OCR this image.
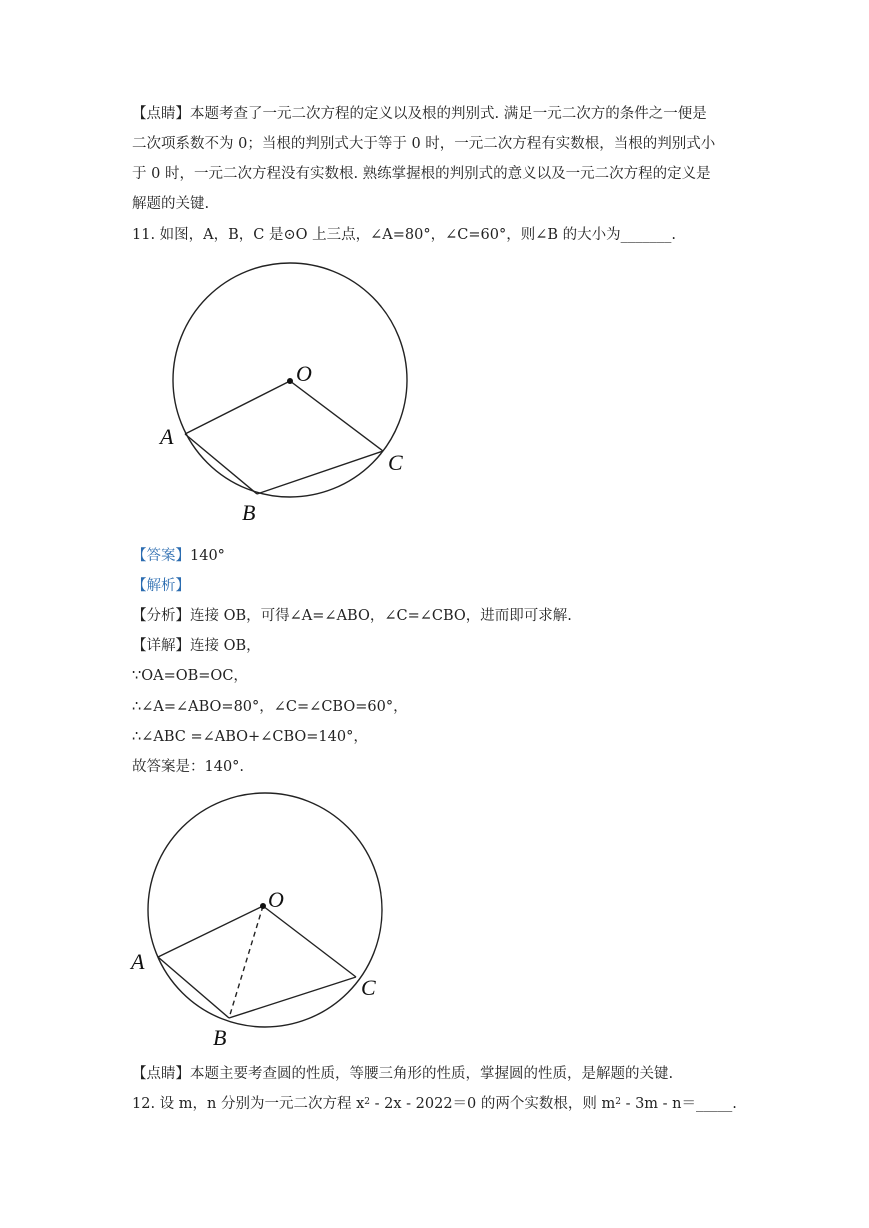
【点睛】本题考查了一元二次方程的定义以及根的判别式. 满足一元二次方的条件之一便是
二次项系数不为 0；当根的判别式大于等于 0 时，一元二次方程有实数根，当根的判别式小
于 0 时，一元二次方程没有实数根. 熟练掌握根的判别式的意义以及一元二次方程的定义是
解题的关键.
11. 如图，A，B，C 是⊙O 上三点，∠A=80°，∠C=60°，则∠B 的大小为_______.
O
A
B
C
【答案】140°
【解析】
【分析】连接 OB，可得∠A=∠ABO，∠C=∠CBO，进而即可求解.
【详解】连接 OB，
∵OA=OB=OC，
∴∠A=∠ABO=80°，∠C=∠CBO=60°，
∴∠ABC =∠ABO+∠CBO=140°，
故答案是：140°.
O
A
B
C
【点睛】本题主要考查圆的性质，等腰三角形的性质，掌握圆的性质，是解题的关键.
12. 设 m，n 分别为一元二次方程 $x^2 - 2x - 2022=0$ 的两个实数根，则 $m^2 - 3m$ - n＝_____.
